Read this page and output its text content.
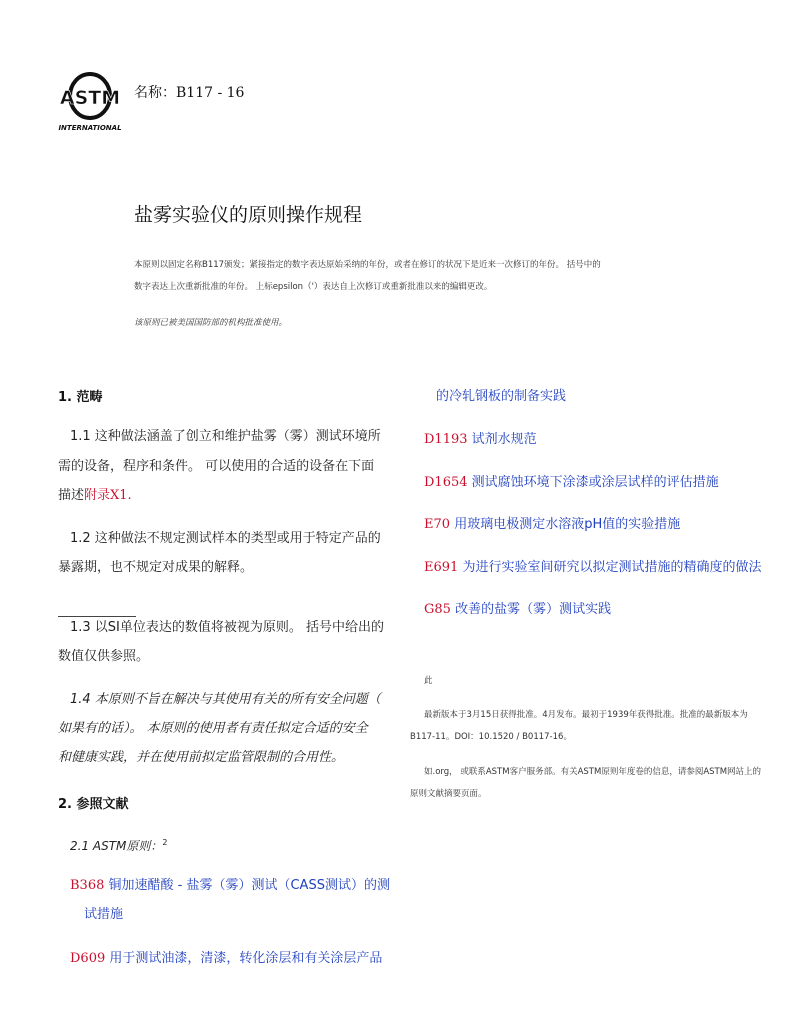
ASTM
INTERNATIONAL
名称：B117 - 16
盐雾实验仪的原则操作规程
本原则以固定名称B117颁发；紧接指定的数字表达原始采纳的年份，或者在修订的状况下是近来一次修订的年份。 括号中的
数字表达上次重新批准的年份。 上标epsilon（'）表达自上次修订或重新批准以来的编辑更改。
该原则已被美国国防部的机构批准使用。
1. 范畴
1.1 这种做法涵盖了创立和维护盐雾（雾）测试环境所
需的设备，程序和条件。 可以使用的合适的设备在下面
描述附录X1.
1.2 这种做法不规定测试样本的类型或用于特定产品的
暴露期，也不规定对成果的解释。
1.3 以SI单位表达的数值将被视为原则。 括号中给出的
数值仅供参照。
1.4 本原则不旨在解决与其使用有关的所有安全问题（
如果有的话）。 本原则的使用者有责任拟定合适的安全
和健康实践，并在使用前拟定监管限制的合用性。
2. 参照文献
2.1 ASTM原则：$^2$
B368 铜加速醋酸 - 盐雾（雾）测试（CASS测试）的测
试措施
D609 用于测试油漆，清漆，转化涂层和有关涂层产品
的冷轧钢板的制备实践
D1193 试剂水规范
D1654 测试腐蚀环境下涂漆或涂层试样的评估措施
E70 用玻璃电极测定水溶液pH值的实验措施
E691 为进行实验室间研究以拟定测试措施的精确度的做法
G85 改善的盐雾（雾）测试实践
此
最新版本于3月15日获得批准。4月发布。最初于1939年获得批准。批准的最新版本为
B117-11。DOI：10.1520 / B0117-16。
如.org， 或联系ASTM客户服务部。有关ASTM原则年度卷的信息，请参阅ASTM网站上的
原则文献摘要页面。
